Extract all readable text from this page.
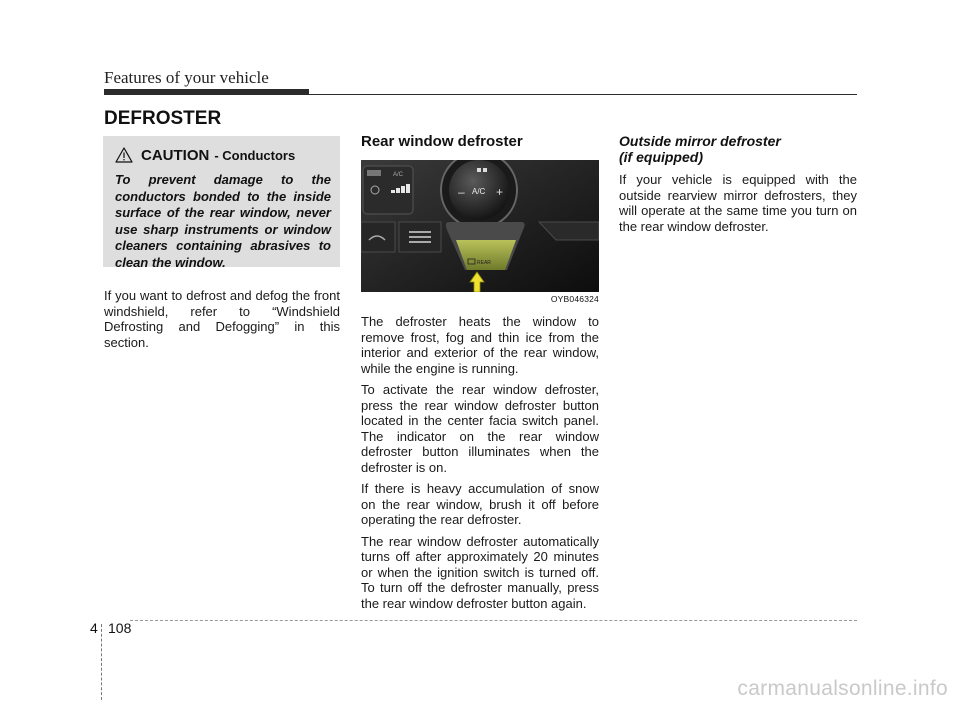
Features of your vehicle
DEFROSTER
CAUTION - Conductors

To prevent damage to the conductors bonded to the inside surface of the rear window, never use sharp instruments or window cleaners containing abrasives to clean the window.

If you want to defrost and defog the front windshield, refer to “Windshield Defrosting and Defogging” in this section.

Rear window defroster
A/C
A/C
–	+
REAR
OYB046324

The defroster heats the window to remove frost, fog and thin ice from the interior and exterior of the rear window, while the engine is running.

To activate the rear window defroster, press the rear window defroster button located in the center facia switch panel. The indicator on the rear window defroster button illuminates when the defroster is on.

If there is heavy accumulation of snow on the rear window, brush it off before operating the rear defroster.

The rear window defroster automatically turns off after approximately 20 minutes or when the ignition switch is turned off. To turn off the defroster manually, press the rear window defroster button again.

Outside mirror defroster
(if equipped)

If your vehicle is equipped with the outside rearview mirror defrosters, they will operate at the same time you turn on the rear window defroster.

4 108
carmanualsonline.info
